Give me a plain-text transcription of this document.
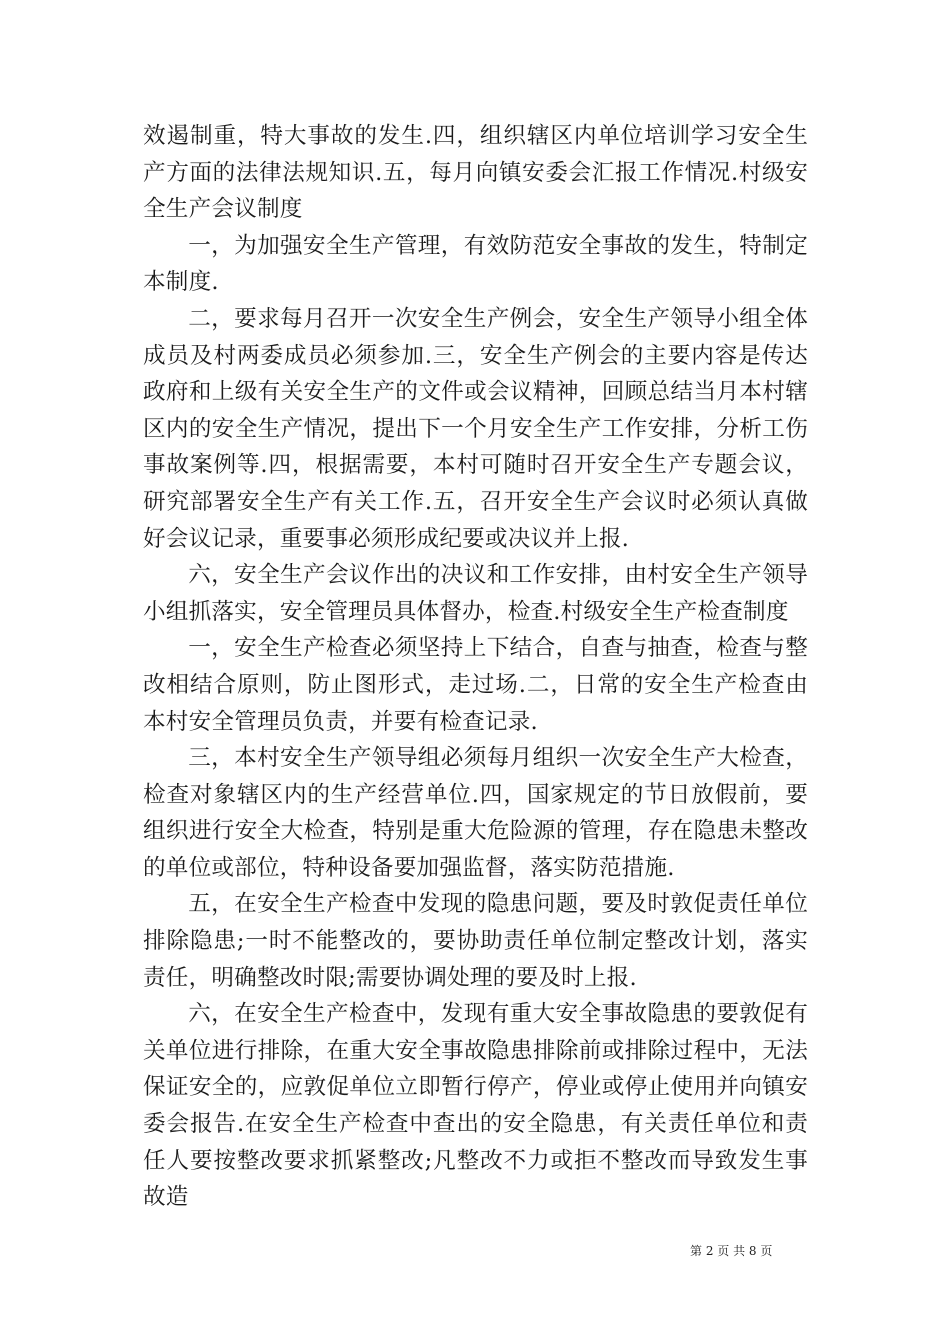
效遏制重，特大事故的发生.四，组织辖区内单位培训学习安全生产方面的法律法规知识.五，每月向镇安委会汇报工作情况.村级安全生产会议制度

一，为加强安全生产管理，有效防范安全事故的发生，特制定本制度.

二，要求每月召开一次安全生产例会，安全生产领导小组全体成员及村两委成员必须参加.三，安全生产例会的主要内容是传达政府和上级有关安全生产的文件或会议精神，回顾总结当月本村辖区内的安全生产情况，提出下一个月安全生产工作安排，分析工伤事故案例等.四，根据需要，本村可随时召开安全生产专题会议，研究部署安全生产有关工作.五，召开安全生产会议时必须认真做好会议记录，重要事必须形成纪要或决议并上报.

六，安全生产会议作出的决议和工作安排，由村安全生产领导小组抓落实，安全管理员具体督办，检查.村级安全生产检查制度

一，安全生产检查必须坚持上下结合，自查与抽查，检查与整改相结合原则，防止图形式，走过场.二，日常的安全生产检查由本村安全管理员负责，并要有检查记录.

三，本村安全生产领导组必须每月组织一次安全生产大检查，检查对象辖区内的生产经营单位.四，国家规定的节日放假前，要组织进行安全大检查，特别是重大危险源的管理，存在隐患未整改的单位或部位，特种设备要加强监督，落实防范措施.

五，在安全生产检查中发现的隐患问题，要及时敦促责任单位排除隐患;一时不能整改的，要协助责任单位制定整改计划，落实责任，明确整改时限;需要协调处理的要及时上报.

六，在安全生产检查中，发现有重大安全事故隐患的要敦促有关单位进行排除，在重大安全事故隐患排除前或排除过程中，无法保证安全的，应敦促单位立即暂行停产，停业或停止使用并向镇安委会报告.在安全生产检查中查出的安全隐患，有关责任单位和责任人要按整改要求抓紧整改;凡整改不力或拒不整改而导致发生事故造

第 2 页 共 8 页
